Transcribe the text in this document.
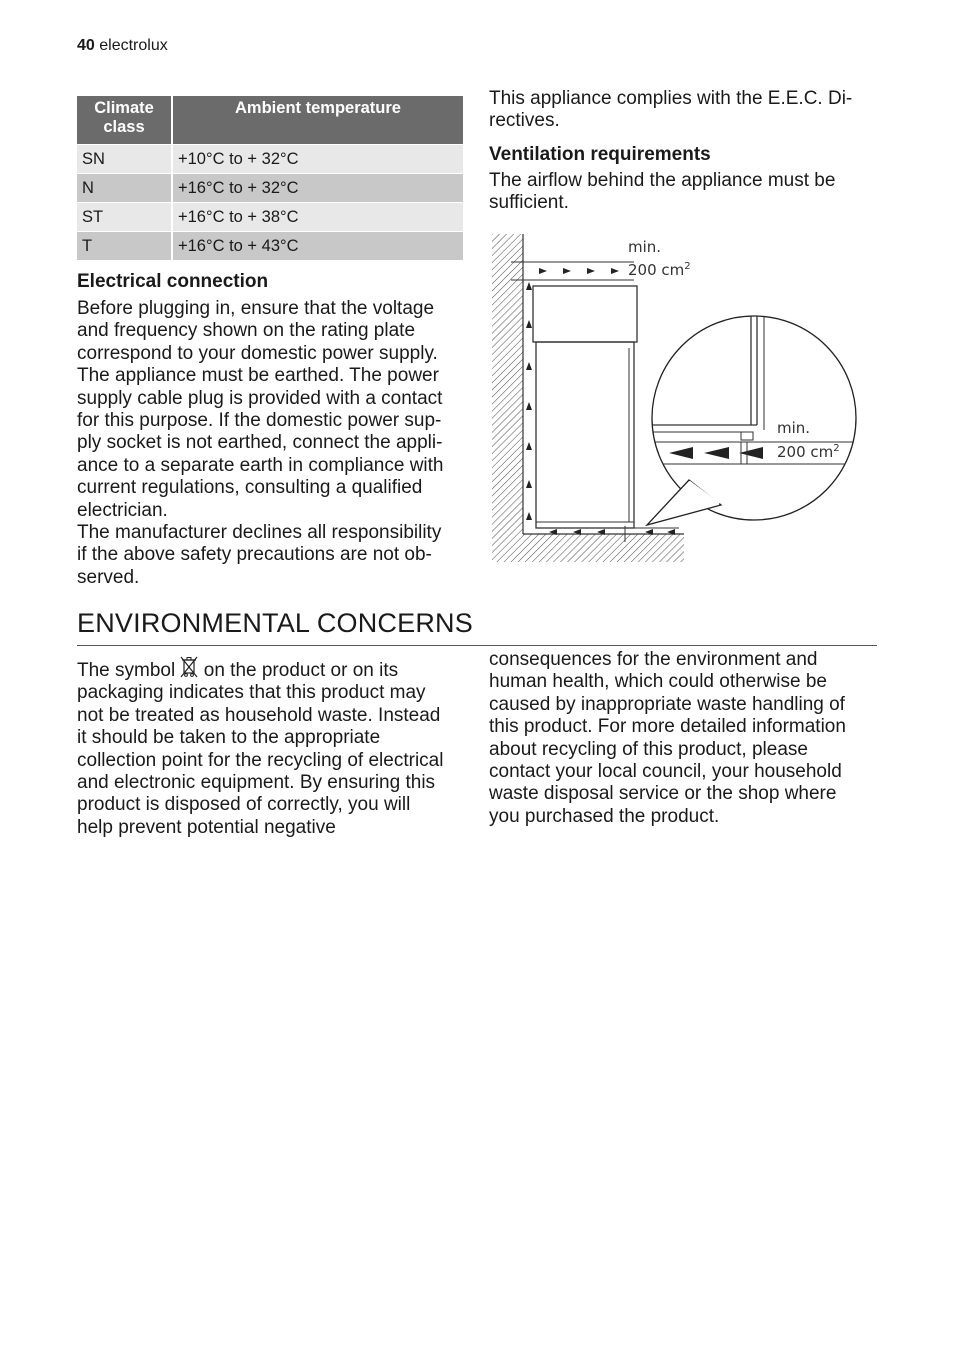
40 electrolux
Climate class	Ambient temperature
SN	+10°C to + 32°C
N	+16°C to + 32°C
ST	+16°C to + 38°C
T	+16°C to + 43°C
Electrical connection
Before plugging in, ensure that the voltage
and frequency shown on the rating plate
correspond to your domestic power supply.
The appliance must be earthed. The power
supply cable plug is provided with a contact
for this purpose. If the domestic power sup-
ply socket is not earthed, connect the appli-
ance to a separate earth in compliance with
current regulations, consulting a qualified
electrician.
The manufacturer declines all responsibility
if the above safety precautions are not ob-
served.
This appliance complies with the E.E.C. Di-
rectives.
Ventilation requirements
The airflow behind the appliance must be
sufficient.
min.
200 $cm^2$
min.
200 $cm^2$
ENVIRONMENTAL CONCERNS
The symbol  on the product or on its
packaging indicates that this product may
not be treated as household waste. Instead
it should be taken to the appropriate
collection point for the recycling of electrical
and electronic equipment. By ensuring this
product is disposed of correctly, you will
help prevent potential negative
consequences for the environment and
human health, which could otherwise be
caused by inappropriate waste handling of
this product. For more detailed information
about recycling of this product, please
contact your local council, your household
waste disposal service or the shop where
you purchased the product.
